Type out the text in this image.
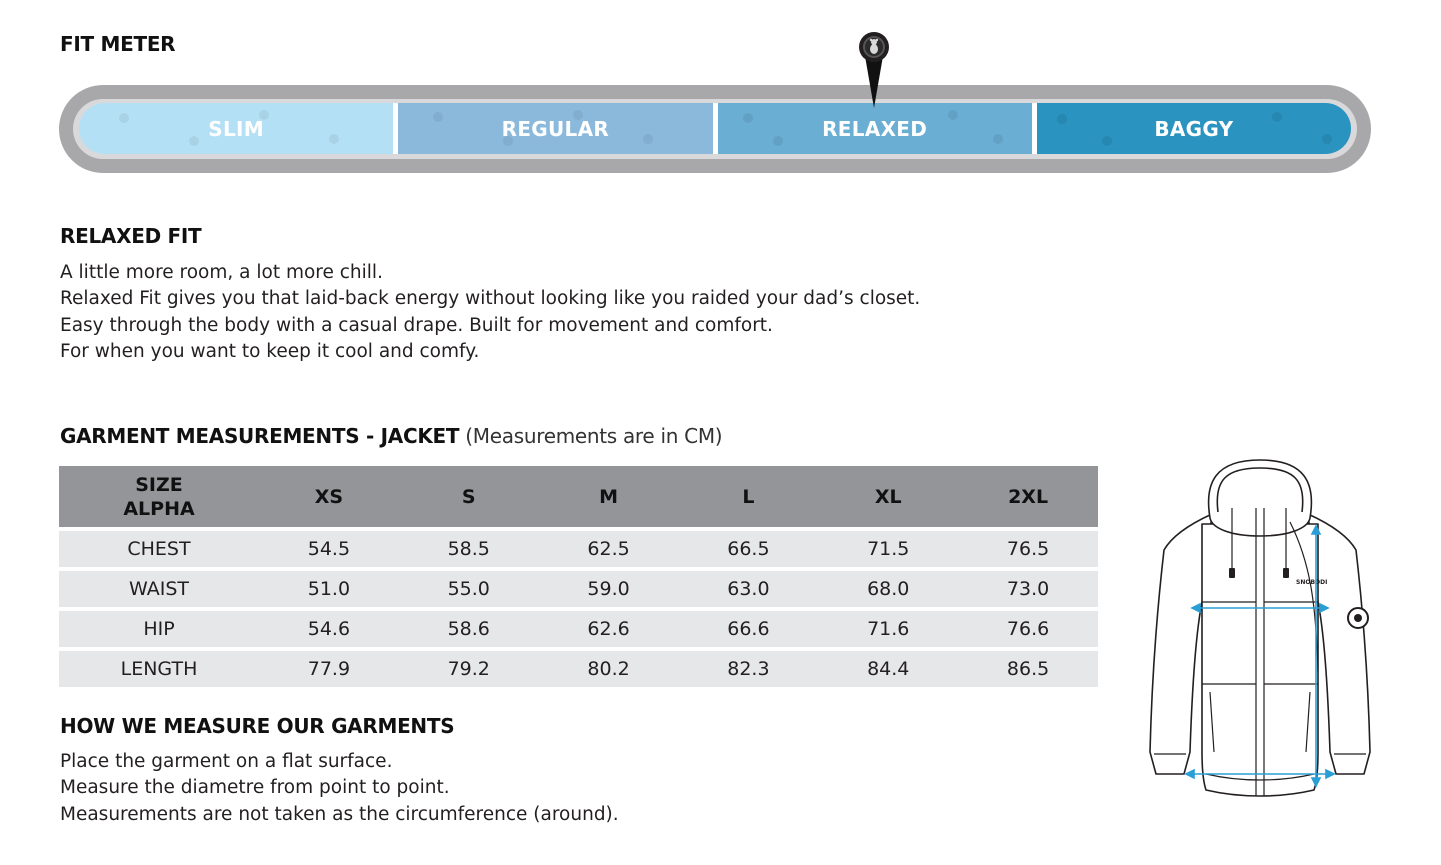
FIT METER
SLIM	REGULAR	RELAXED	BAGGY
RELAXED FIT
A little more room, a lot more chill.
Relaxed Fit gives you that laid-back energy without looking like you raided your dad’s closet.
Easy through the body with a casual drape. Built for movement and comfort.
For when you want to keep it cool and comfy.
GARMENT MEASUREMENTS - JACKET (Measurements are in CM)
SIZE
ALPHA	XS	S	M	L	XL	2XL
CHEST	54.5	58.5	62.5	66.5	71.5	76.5
WAIST	51.0	55.0	59.0	63.0	68.0	73.0
HIP	54.6	58.6	62.6	66.6	71.6	76.6
LENGTH	77.9	79.2	80.2	82.3	84.4	86.5
HOW WE MEASURE OUR GARMENTS
Place the garment on a flat surface.
Measure the diametre from point to point.
Measurements are not taken as the circumference (around).
SNOBODI
